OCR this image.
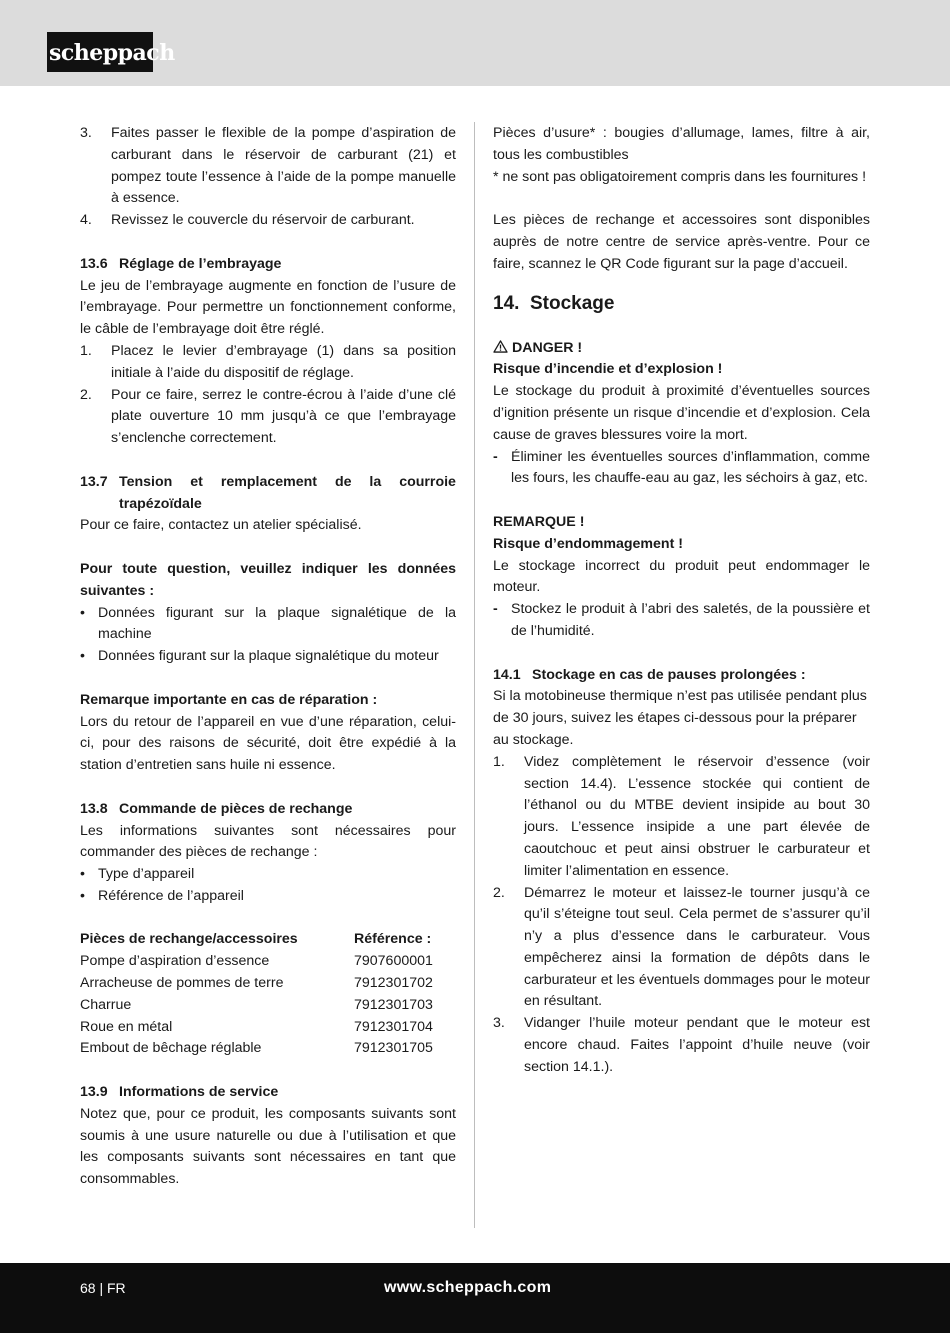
scheppach
3. Faites passer le flexible de la pompe d’aspiration de carburant dans le réservoir de carburant (21) et pompez toute l’essence à l’aide de la pompe manuelle à essence.
4. Revissez le couvercle du réservoir de carburant.
13.6 Réglage de l’embrayage

Le jeu de l’embrayage augmente en fonction de l’usure de l’embrayage. Pour permettre un fonctionnement conforme, le câble de l’embrayage doit être réglé.

1. Placez le levier d’embrayage (1) dans sa position initiale à l’aide du dispositif de réglage.
2. Pour ce faire, serrez le contre-écrou à l’aide d’une clé plate ouverture 10 mm jusqu’à ce que l’embrayage s’enclenche correctement.
13.7 Tension et remplacement de la courroie
trapézoïdale

Pour ce faire, contactez un atelier spécialisé.

Pour toute question, veuillez indiquer les données suivantes :

• Données figurant sur la plaque signalétique de la machine
• Données figurant sur la plaque signalétique du moteur

Remarque importante en cas de réparation :

Lors du retour de l’appareil en vue d’une réparation, celui-ci, pour des raisons de sécurité, doit être expédié à la station d’entretien sans huile ni essence.

13.8 Commande de pièces de rechange

Les informations suivantes sont nécessaires pour commander des pièces de rechange :

• Type d’appareil
• Référence de l’appareil
Pièces de rechange/accessoires	Référence :
Pompe d’aspiration d’essence	7907600001
Arracheuse de pommes de terre	7912301702
Charrue	7912301703
Roue en métal	7912301704
Embout de bêchage réglable	7912301705
13.9 Informations de service

Notez que, pour ce produit, les composants suivants sont soumis à une usure naturelle ou due à l’utilisation et que les composants suivants sont nécessaires en tant que consommables.

Pièces d’usure* : bougies d’allumage, lames, filtre à air, tous les combustibles

* ne sont pas obligatoirement compris dans les fournitures !

Les pièces de rechange et accessoires sont disponibles auprès de notre centre de service après-ventre. Pour ce faire, scannez le QR Code figurant sur la page d’accueil.

14. Stockage
DANGER !

Risque d’incendie et d’explosion !

Le stockage du produit à proximité d’éventuelles sources d’ignition présente un risque d’incendie et d’explosion. Cela cause de graves blessures voire la mort.

- Éliminer les éventuelles sources d’inflammation, comme les fours, les chauffe-eau au gaz, les séchoirs à gaz, etc.

REMARQUE !

Risque d’endommagement !

Le stockage incorrect du produit peut endommager le moteur.

- Stockez le produit à l’abri des saletés, de la poussière et de l’humidité.
14.1 Stockage en cas de pauses prolongées :

Si la motobineuse thermique n’est pas utilisée pendant plus de 30 jours, suivez les étapes ci-dessous pour la préparer au stockage.

1. Videz complètement le réservoir d’essence (voir section 14.4). L’essence stockée qui contient de l’éthanol ou du MTBE devient insipide au bout 30 jours. L’essence insipide a une part élevée de caoutchouc et peut ainsi obstruer le carburateur et limiter l’alimentation en essence.
2. Démarrez le moteur et laissez-le tourner jusqu’à ce qu’il s’éteigne tout seul. Cela permet de s’assurer qu’il n’y a plus d’essence dans le carburateur. Vous empêcherez ainsi la formation de dépôts dans le carburateur et les éventuels dommages pour le moteur en résultant.
3. Vidanger l’huile moteur pendant que le moteur est encore chaud. Faites l’appoint d’huile neuve (voir section 14.1.).
68 | FR	www.scheppach.com
